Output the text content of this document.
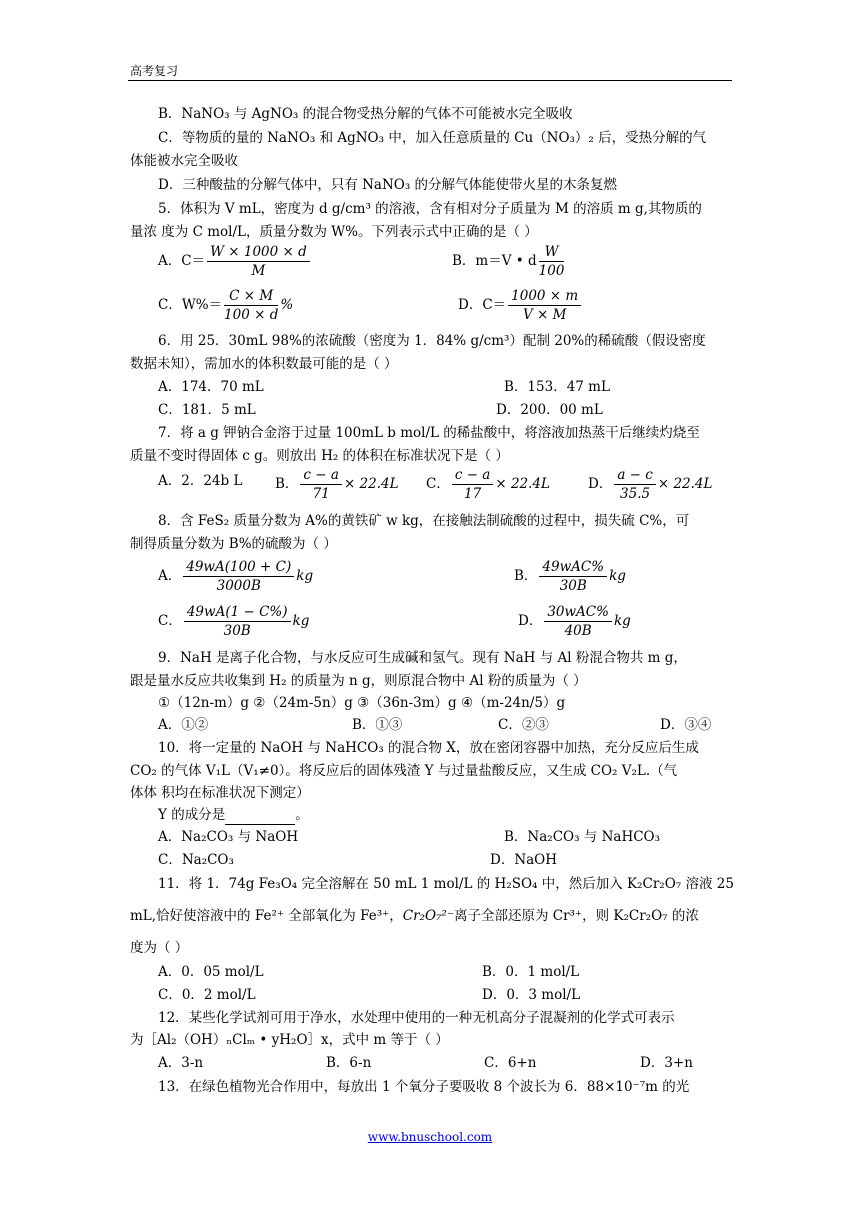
高考复习
B．NaNO₃ 与 AgNO₃ 的混合物受热分解的气体不可能被水完全吸收
C．等物质的量的 NaNO₃ 和 AgNO₃ 中，加入任意质量的 Cu（NO₃）₂ 后，受热分解的气
体能被水完全吸收
D．三种酸盐的分解气体中，只有 NaNO₃ 的分解气体能使带火星的木条复燃
5．体积为 V mL，密度为 d g/cm³ 的溶液，含有相对分子质量为 M 的溶质 m g,其物质的
量浓 度为 C mol/L，质量分数为 W%。下列表示式中正确的是（ ）
A．$C= \frac{W \times 1000 \times d}{M}$	B．m＝V • d $\frac{W}{100}$
C．$W\%= \frac{C \times M}{100 \times d}$ %	D．$C= \frac{1000 \times m}{V \times M}$
6．用 25．30mL 98%的浓硫酸（密度为 1．84% g/cm³）配制 20%的稀硫酸（假设密度
数据未知），需加水的体积数最可能的是（ ）
A．174．70 mL	B．153．47 mL
C．181．5 mL	D．200．00 mL
7．将 a g 钾钠合金溶于过量 100mL b mol/L 的稀盐酸中，将溶液加热蒸干后继续灼烧至
质量不变时得固体 c g。则放出 H₂ 的体积在标准状况下是（ ）
A．2．24b L B． $\frac{c - a}{71} \times 22.4L$ C． $\frac{c - a}{17} \times 22.4L$	D． $\frac{a - c}{35.5} \times 22.4L$
8．含 FeS₂ 质量分数为 A%的黄铁矿 w kg，在接触法制硫酸的过程中，损失硫 C%，可
制得质量分数为 B%的硫酸为（ ）
A． $\frac{49wA(100 + C)}{3000B}$ kg	B． $\frac{\text{49wAC\%}}{30B}$ kg
C． $\frac{49wA(1 - C\%)}{30B}$ kg	D． $\frac{\text{30wAC\%}}{40B}$ kg
9．NaH 是离子化合物，与水反应可生成碱和氢气。现有 NaH 与 Al 粉混合物共 m g，
跟是量水反应共收集到 H₂ 的质量为 n g，则原混合物中 Al 粉的质量为（ ）
①（12n-m）g ②（24m-5n）g ③（36n-3m）g ④（m-24n/5）g
A．①②	B．①③	C．②③	D．③④
10．将一定量的 NaOH 与 NaHCO₃ 的混合物 X，放在密闭容器中加热，充分反应后生成
CO₂ 的气体 V₁L（V₁≠0）。将反应后的固体残渣 Y 与过量盐酸反应，又生成 CO₂ V₂L.（气
体体 积均在标准状况下测定）
Y 的成分是	。
A．Na₂CO₃ 与 NaOH	B．Na₂CO₃ 与 NaHCO₃
C．Na₂CO₃	D．NaOH
11．将 1．74g Fe₃O₄ 完全溶解在 50 mL 1 mol/L 的 H₂SO₄ 中，然后加入 K₂Cr₂O₇ 溶液 25
mL,恰好使溶液中的 Fe²⁺ 全部氧化为 Fe³⁺，Cr₂O₇²⁻离子全部还原为 Cr³⁺，则 K₂Cr₂O₇ 的浓
度为（ ）
A．0．05 mol/L	B．0．1 mol/L
C．0．2 mol/L	D．0．3 mol/L
12．某些化学试剂可用于净水，水处理中使用的一种无机高分子混凝剂的化学式可表示
为［Al₂（OH）ₙClₘ • yH₂O］x，式中 m 等于（ ）
A．3-n	B．6-n	C．6+n	D．3+n
13．在绿色植物光合作用中，每放出 1 个氧分子要吸收 8 个波长为 6．88×10⁻⁷m 的光
www.bnuschool.com
